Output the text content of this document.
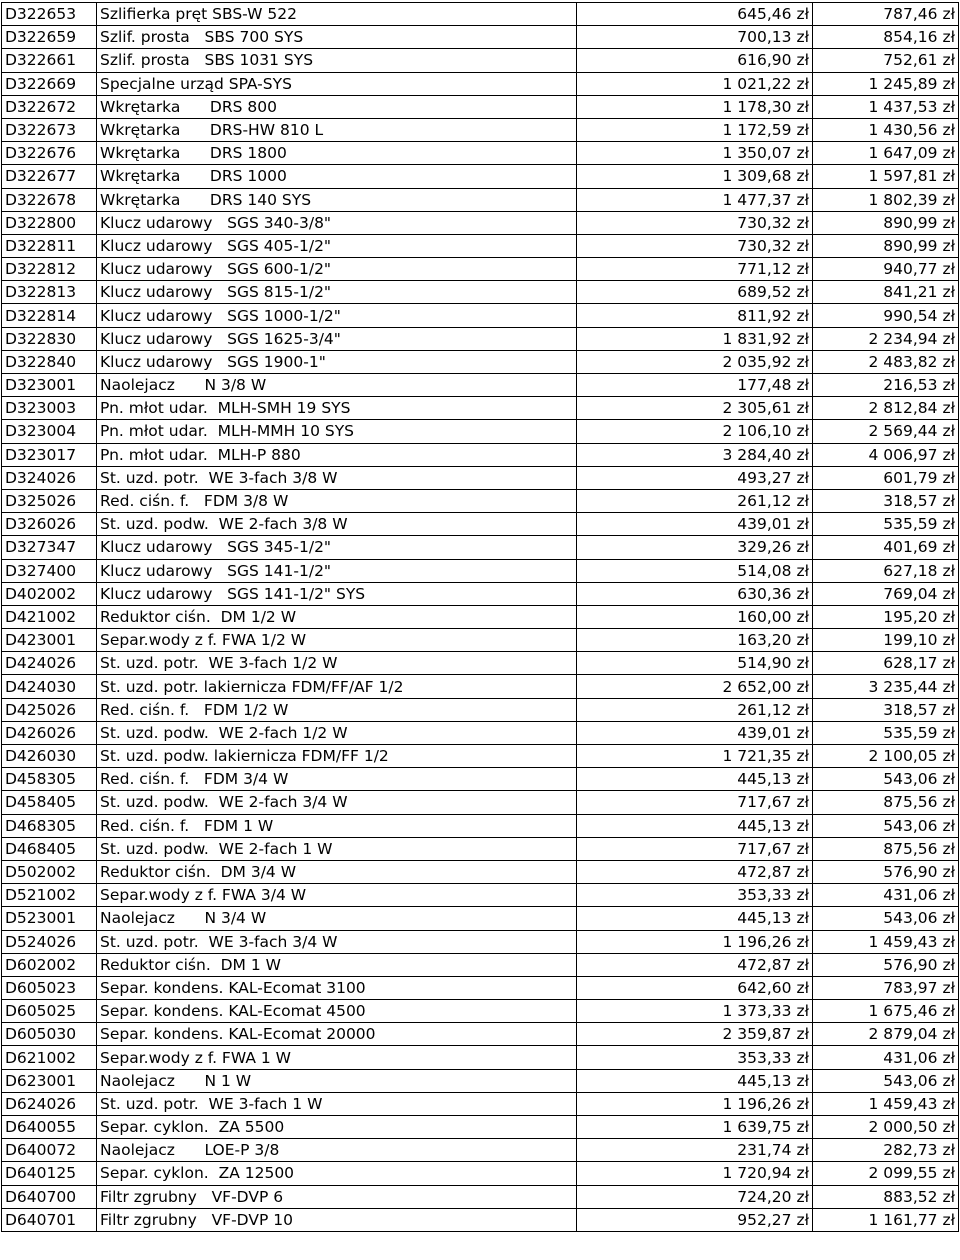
D322653	Szlifierka pręt SBS-W 522	645,46 zł	787,46 zł
D322659	Szlif. prosta   SBS 700 SYS	700,13 zł	854,16 zł
D322661	Szlif. prosta   SBS 1031 SYS	616,90 zł	752,61 zł
D322669	Specjalne urząd SPA-SYS	1 021,22 zł	1 245,89 zł
D322672	Wkrętarka      DRS 800	1 178,30 zł	1 437,53 zł
D322673	Wkrętarka      DRS-HW 810 L	1 172,59 zł	1 430,56 zł
D322676	Wkrętarka      DRS 1800	1 350,07 zł	1 647,09 zł
D322677	Wkrętarka      DRS 1000	1 309,68 zł	1 597,81 zł
D322678	Wkrętarka      DRS 140 SYS	1 477,37 zł	1 802,39 zł
D322800	Klucz udarowy   SGS 340-3/8"	730,32 zł	890,99 zł
D322811	Klucz udarowy   SGS 405-1/2"	730,32 zł	890,99 zł
D322812	Klucz udarowy   SGS 600-1/2"	771,12 zł	940,77 zł
D322813	Klucz udarowy   SGS 815-1/2"	689,52 zł	841,21 zł
D322814	Klucz udarowy   SGS 1000-1/2"	811,92 zł	990,54 zł
D322830	Klucz udarowy   SGS 1625-3/4"	1 831,92 zł	2 234,94 zł
D322840	Klucz udarowy   SGS 1900-1"	2 035,92 zł	2 483,82 zł
D323001	Naolejacz      N 3/8 W	177,48 zł	216,53 zł
D323003	Pn. młot udar.  MLH-SMH 19 SYS	2 305,61 zł	2 812,84 zł
D323004	Pn. młot udar.  MLH-MMH 10 SYS	2 106,10 zł	2 569,44 zł
D323017	Pn. młot udar.  MLH-P 880	3 284,40 zł	4 006,97 zł
D324026	St. uzd. potr.  WE 3-fach 3/8 W	493,27 zł	601,79 zł
D325026	Red. ciśn. f.   FDM 3/8 W	261,12 zł	318,57 zł
D326026	St. uzd. podw.  WE 2-fach 3/8 W	439,01 zł	535,59 zł
D327347	Klucz udarowy   SGS 345-1/2"	329,26 zł	401,69 zł
D327400	Klucz udarowy   SGS 141-1/2"	514,08 zł	627,18 zł
D402002	Klucz udarowy   SGS 141-1/2" SYS	630,36 zł	769,04 zł
D421002	Reduktor ciśn.  DM 1/2 W	160,00 zł	195,20 zł
D423001	Separ.wody z f. FWA 1/2 W	163,20 zł	199,10 zł
D424026	St. uzd. potr.  WE 3-fach 1/2 W	514,90 zł	628,17 zł
D424030	St. uzd. potr. lakiernicza FDM/FF/AF 1/2	2 652,00 zł	3 235,44 zł
D425026	Red. ciśn. f.   FDM 1/2 W	261,12 zł	318,57 zł
D426026	St. uzd. podw.  WE 2-fach 1/2 W	439,01 zł	535,59 zł
D426030	St. uzd. podw. lakiernicza FDM/FF 1/2	1 721,35 zł	2 100,05 zł
D458305	Red. ciśn. f.   FDM 3/4 W	445,13 zł	543,06 zł
D458405	St. uzd. podw.  WE 2-fach 3/4 W	717,67 zł	875,56 zł
D468305	Red. ciśn. f.   FDM 1 W	445,13 zł	543,06 zł
D468405	St. uzd. podw.  WE 2-fach 1 W	717,67 zł	875,56 zł
D502002	Reduktor ciśn.  DM 3/4 W	472,87 zł	576,90 zł
D521002	Separ.wody z f. FWA 3/4 W	353,33 zł	431,06 zł
D523001	Naolejacz      N 3/4 W	445,13 zł	543,06 zł
D524026	St. uzd. potr.  WE 3-fach 3/4 W	1 196,26 zł	1 459,43 zł
D602002	Reduktor ciśn.  DM 1 W	472,87 zł	576,90 zł
D605023	Separ. kondens. KAL-Ecomat 3100	642,60 zł	783,97 zł
D605025	Separ. kondens. KAL-Ecomat 4500	1 373,33 zł	1 675,46 zł
D605030	Separ. kondens. KAL-Ecomat 20000	2 359,87 zł	2 879,04 zł
D621002	Separ.wody z f. FWA 1 W	353,33 zł	431,06 zł
D623001	Naolejacz      N 1 W	445,13 zł	543,06 zł
D624026	St. uzd. potr.  WE 3-fach 1 W	1 196,26 zł	1 459,43 zł
D640055	Separ. cyklon.  ZA 5500	1 639,75 zł	2 000,50 zł
D640072	Naolejacz      LOE-P 3/8	231,74 zł	282,73 zł
D640125	Separ. cyklon.  ZA 12500	1 720,94 zł	2 099,55 zł
D640700	Filtr zgrubny   VF-DVP 6	724,20 zł	883,52 zł
D640701	Filtr zgrubny   VF-DVP 10	952,27 zł	1 161,77 zł
